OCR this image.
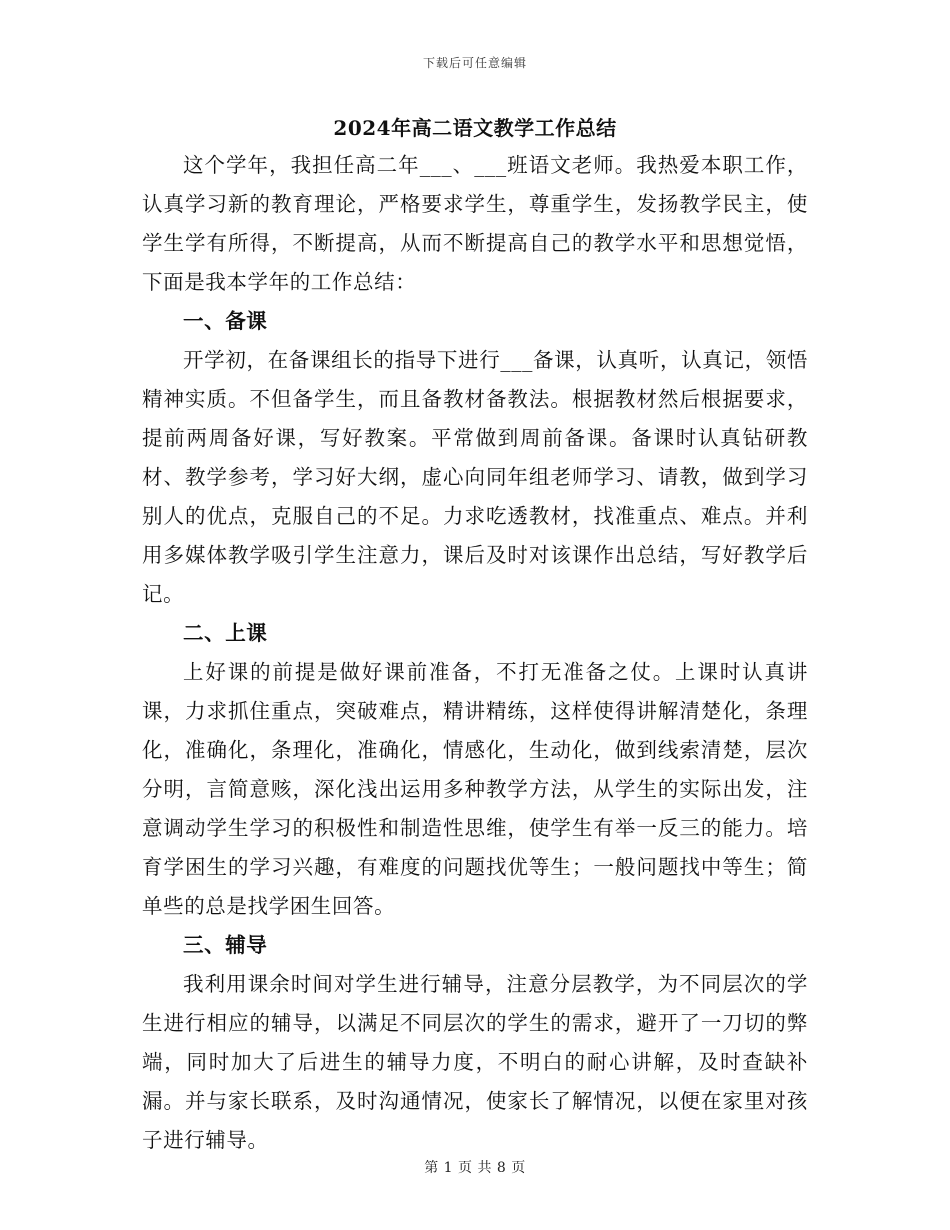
下载后可任意编辑
2024年高二语文教学工作总结

这个学年，我担任高二年___、___班语文老师。我热爱本职工作，认真学习新的教育理论，严格要求学生，尊重学生，发扬教学民主，使学生学有所得，不断提高，从而不断提高自己的教学水平和思想觉悟，下面是我本学年的工作总结：

一、备课

开学初，在备课组长的指导下进行___备课，认真听，认真记，领悟精神实质。不但备学生，而且备教材备教法。根据教材然后根据要求，提前两周备好课，写好教案。平常做到周前备课。备课时认真钻研教材、教学参考，学习好大纲，虚心向同年组老师学习、请教，做到学习别人的优点，克服自己的不足。力求吃透教材，找准重点、难点。并利用多媒体教学吸引学生注意力，课后及时对该课作出总结，写好教学后记。

二、上课

上好课的前提是做好课前准备，不打无准备之仗。上课时认真讲课，力求抓住重点，突破难点，精讲精练，这样使得讲解清楚化，条理化，准确化，条理化，准确化，情感化，生动化，做到线索清楚，层次分明，言简意赅，深化浅出运用多种教学方法，从学生的实际出发，注意调动学生学习的积极性和制造性思维，使学生有举一反三的能力。培育学困生的学习兴趣，有难度的问题找优等生；一般问题找中等生；简单些的总是找学困生回答。

三、辅导

我利用课余时间对学生进行辅导，注意分层教学，为不同层次的学生进行相应的辅导，以满足不同层次的学生的需求，避开了一刀切的弊端，同时加大了后进生的辅导力度，不明白的耐心讲解，及时查缺补漏。并与家长联系，及时沟通情况，使家长了解情况，以便在家里对孩子进行辅导。

第 1 页 共 8 页
